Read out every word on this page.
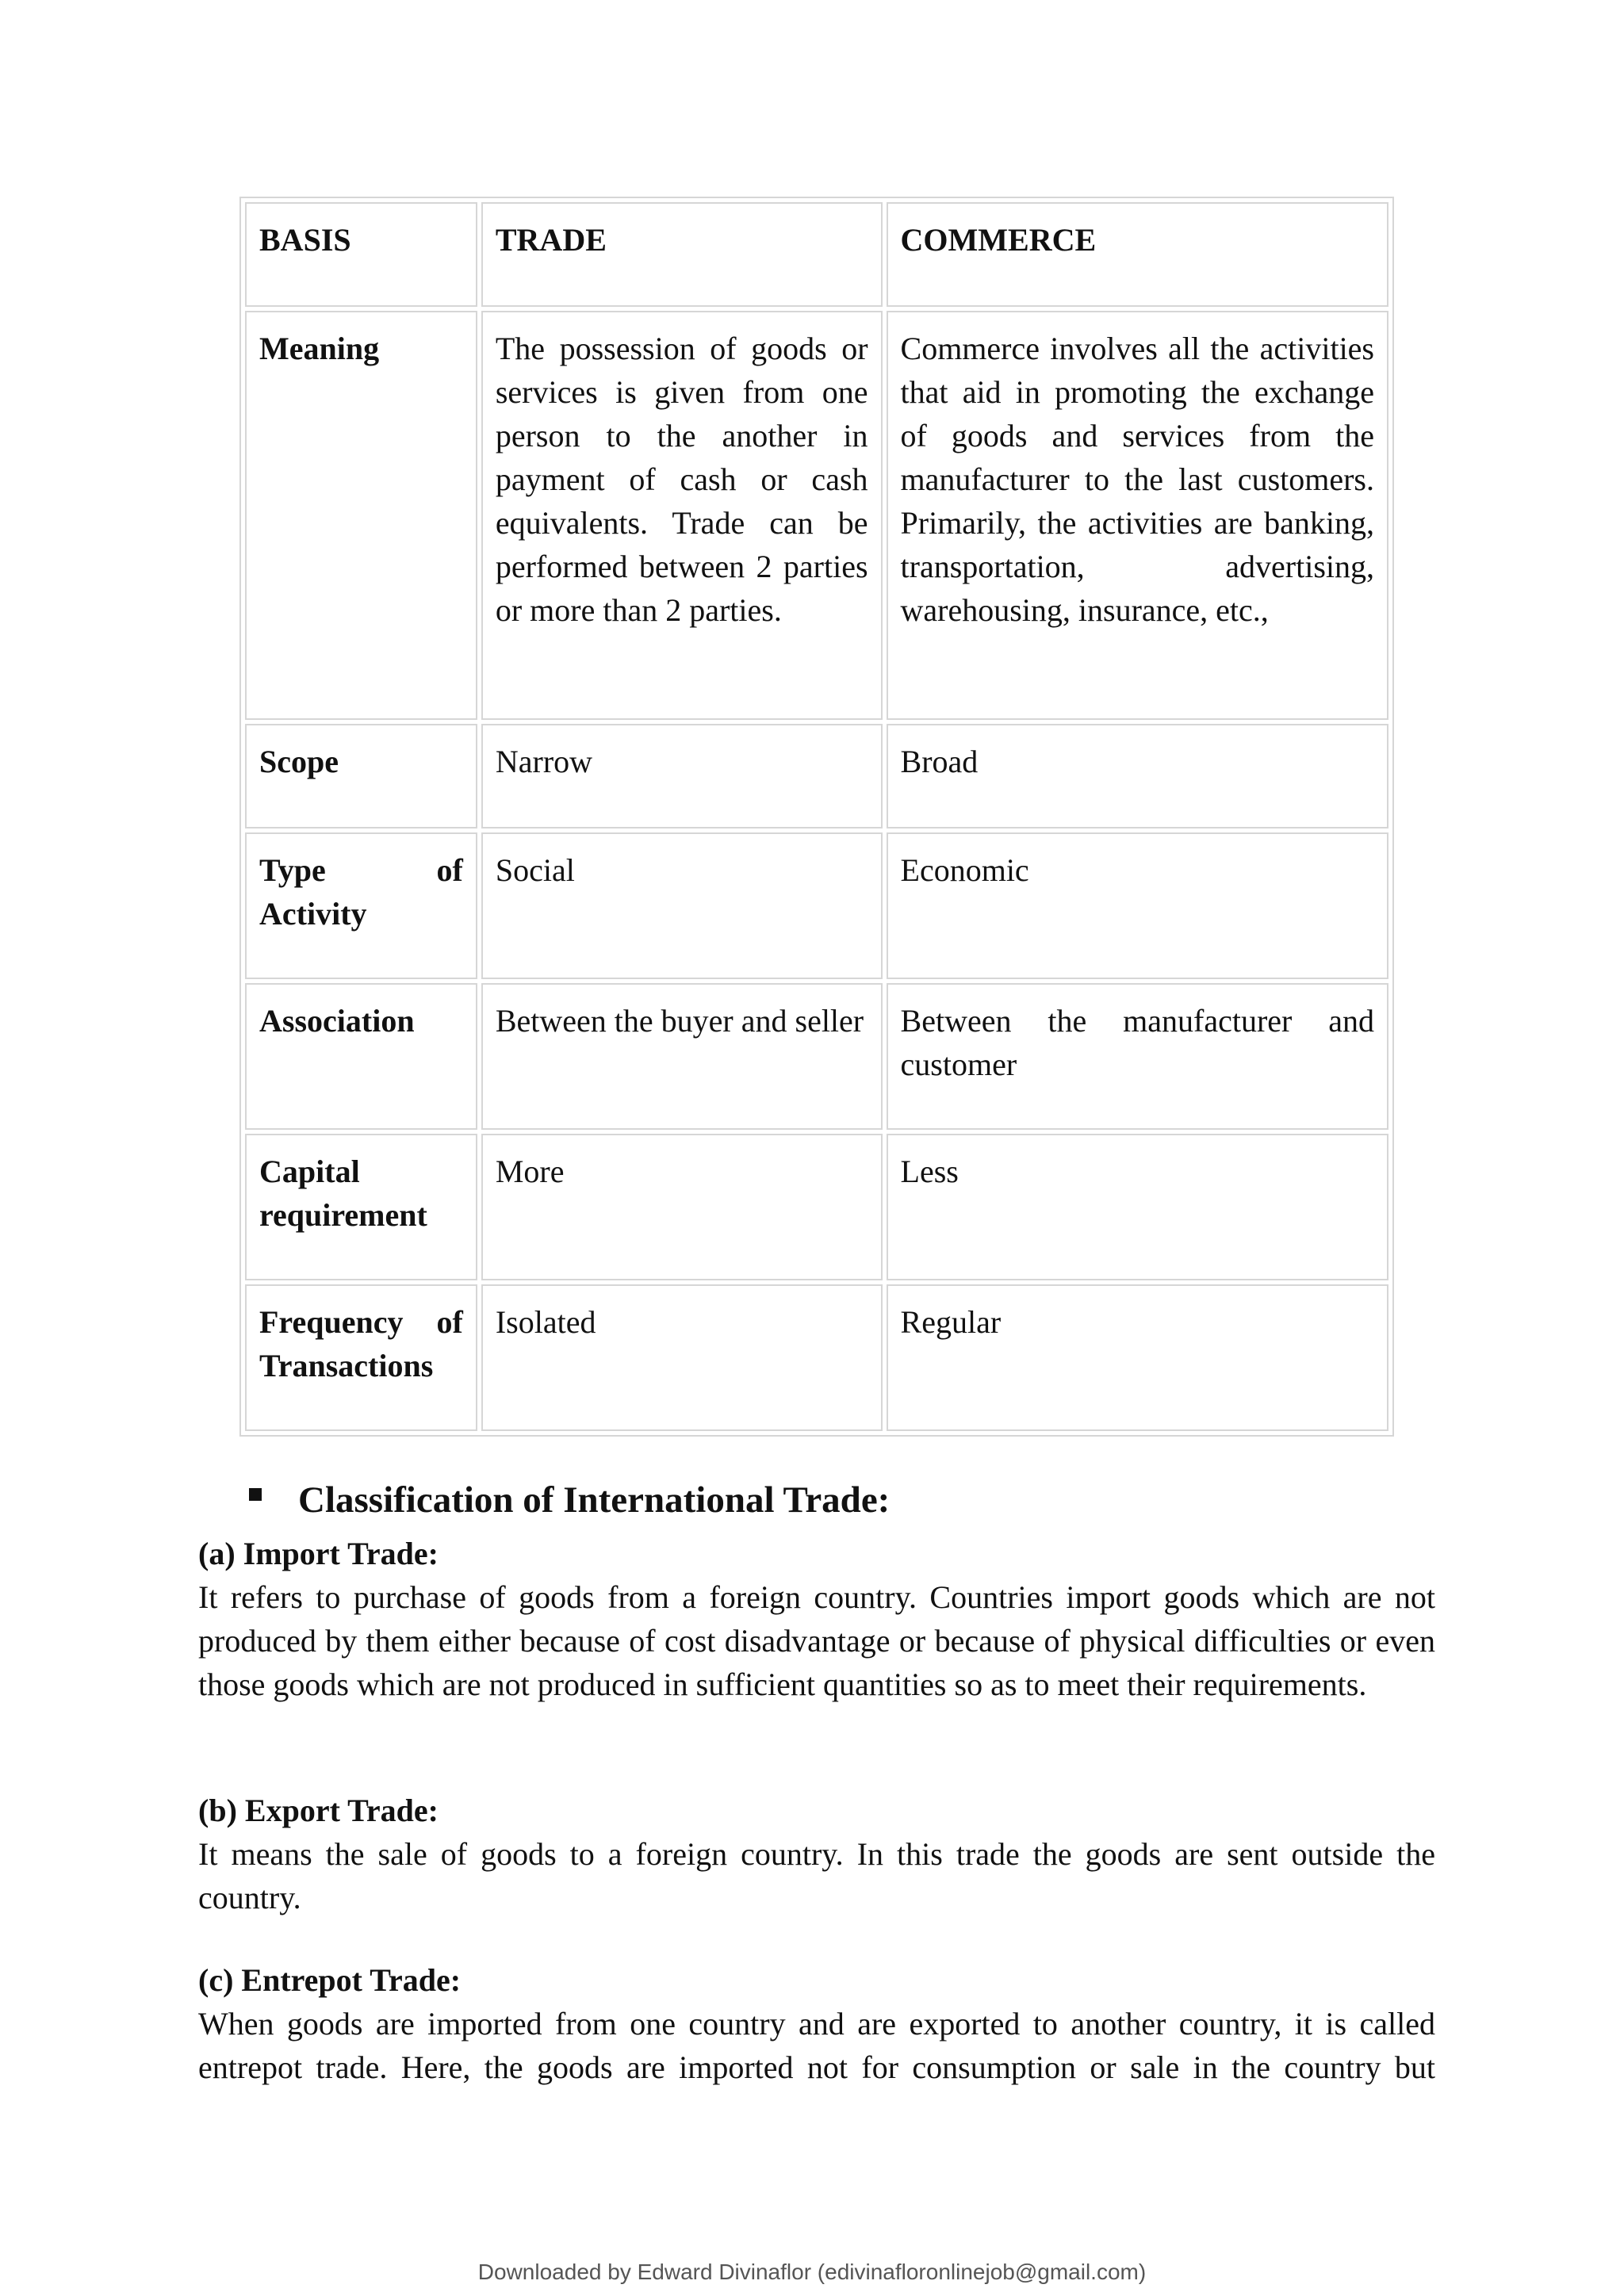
BASIS	TRADE	COMMERCE
Meaning	The possession of goods or services is given from one person to the another in payment of cash or cash equivalents. Trade can be performed between 2 parties or more than 2 parties.	Commerce involves all the activities that aid in promoting the exchange of goods and services from the manufacturer to the last customers. Primarily, the activities are banking, transportation, advertising, warehousing, insurance, etc.,
Scope	Narrow	Broad
Type of Activity	Social	Economic
Association	Between the buyer and seller	Between the manufacturer and customer
Capital requirement	More	Less
Frequency of Transactions	Isolated	Regular
Classification of International Trade:
(a) Import Trade:

It refers to purchase of goods from a foreign country. Countries import goods which are not produced by them either because of cost disadvantage or because of physical difficulties or even those goods which are not produced in sufficient quantities so as to meet their requirements.

(b) Export Trade:

It means the sale of goods to a foreign country. In this trade the goods are sent outside the country.

(c) Entrepot Trade:

When goods are imported from one country and are exported to another country, it is called entrepot trade. Here, the goods are imported not for consumption or sale in the country but

Downloaded by Edward Divinaflor (edivinafloronlinejob@gmail.com)
